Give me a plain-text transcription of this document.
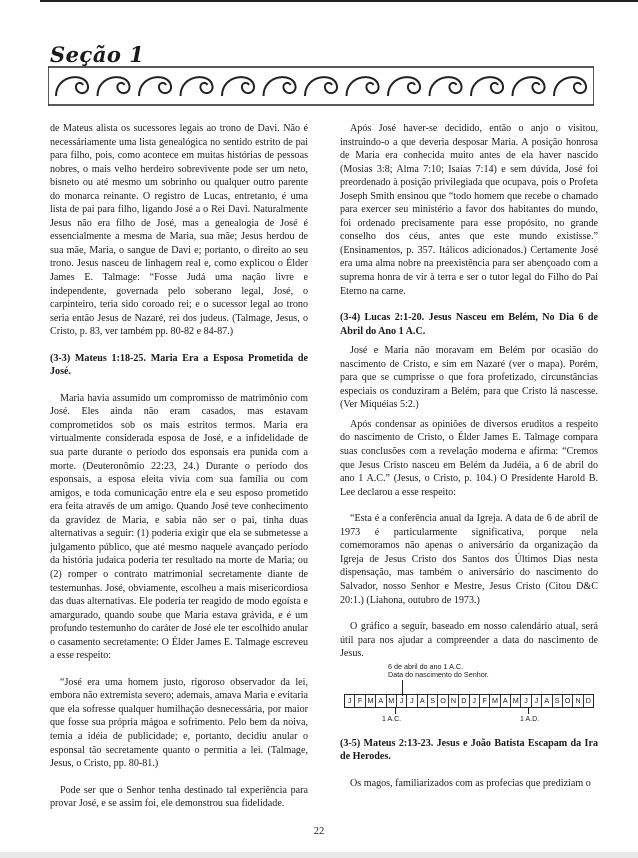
Seção 1

de Mateus alista os sucessores legais ao trono de Davi. Não é necessáriamente uma lista genealógica no sentido estrito de pai para filho, pois, como acontece em muitas histórias de pessoas nobres, o mais velho herdeiro sobrevivente pode ser um neto, bisneto ou até mesmo um sobrinho ou qualquer outro parente do monarca reinante. O registro de Lucas, entretanto, é uma lista de pai para filho, ligando José a o Rei Davi. Naturalmente Jesus não era filho de José, mas a genealogia de José é essencialmente a mesma de Maria, sua mãe; Jesus herdou de sua mãe, Maria, o sangue de Davi e; portanto, o direito ao seu trono. Jesus nasceu de linhagem real e, como explicou o Élder James E. Talmage: “Fosse Judá uma nação livre e independente, governada pelo soberano legal, José, o carpinteiro, teria sido coroado rei; e o sucessor legal ao trono seria então Jesus de Nazaré, rei dos judeus. (Talmage, Jesus, o Cristo, p. 83, ver também pp. 80-82 e 84-87.)

(3-3) Mateus 1:18-25. Maria Era a Esposa Prometida de José.

Maria havia assumido um compromisso de matrimônio com José. Eles ainda não eram casados, mas estavam comprometidos sob os mais estritos termos. Maria era virtualmente considerada esposa de José, e a infidelidade de sua parte durante o período dos esponsais era punida com a morte. (Deuteronômio 22:23, 24.) Durante o período dos esponsais, a esposa eleita vivia com sua família ou com amigos, e toda comunicação entre ela e seu esposo prometido era feita através de um amigo. Quando José teve conhecimento da gravidez de Maria, e sabia não ser o pai, tinha duas alternativas a seguir: (1) poderia exigir que ela se submetesse a julgamento público, que até mesmo naquele avançado período da história judaica poderia ter resultado na morte de Maria; ou (2) romper o contrato matrimonial secretamente diante de testemunhas. José, obviamente, escolheu a mais misericordiosa das duas alternativas. Ele poderia ter reagido de modo egoísta e amargurado, quando soube que Maria estava grávida, e é um profundo testemunho do caráter de José ele ter escolhido anular o casamento secretamente: O Élder James E. Talmage escreveu a esse respeito:

“José era uma homem justo, rigoroso observador da lei, embora não extremista severo; ademais, amava Maria e evitaria que ela sofresse qualquer humilhação desnecessária, por maior que fosse sua própria mágoa e sofrimento. Pelo bem da noiva, temia a idéia de publicidade; e, portanto, decidiu anular o esponsal tão secretamente quanto o permitia a lei. (Talmage, Jesus, o Cristo, pp. 80-81.)

Pode ser que o Senhor tenha destinado tal experiência para provar José, e se assim foi, ele demonstrou sua fidelidade.

Após José haver-se decidido, então o anjo o visitou, instruindo-o a que deveria desposar Maria. A posição honrosa de Maria era conhecida muito antes de ela haver nascido (Mosias 3:8; Alma 7:10; Isaías 7:14) e sem dúvida, José foi preordenado à posição privilegiada que ocupava, pois o Profeta Joseph Smith ensinou que “todo homem que recebe o chamado para exercer seu ministério a favor dos habitantes do mundo, foi ordenado precisamente para esse propósito, no grande conselho dos céus, antes que este mundo existisse.” (Ensinamentos, p. 357. Itálicos adicionados.) Certamente José era uma alma nobre na preexistência para ser abençoado com a suprema honra de vir à terra e ser o tutor legal do Filho do Pai Eterno na carne.

(3-4) Lucas 2:1-20. Jesus Nasceu em Belém, No Dia 6 de Abril do Ano 1 A.C.

José e Maria não moravam em Belém por ocasião do nascimento de Cristo, e sim em Nazaré (ver o mapa). Porém, para que se cumprisse o que fora profetizado, circunstâncias especiais os conduziram a Belém, para que Cristo lá nascesse. (Ver Miquéias 5:2.)

Após condensar as opiniões de diversos eruditos a respeito do nascimento de Cristo, o Élder James E. Talmage compara suas conclusões com a revelação moderna e afirma: “Cremos que Jesus Cristo nasceu em Belém da Judéia, a 6 de abril do ano 1 A.C.” (Jesus, o Cristo, p. 104.) O Presidente Harold B. Lee declarou a esse respeito:

“Esta é a conferência anual da Igreja. A data de 6 de abril de 1973 é particularmente significativa, porque nela comemoramos não apenas o aniversário da organização da Igreja de Jesus Cristo dos Santos dos Últimos Dias nesta dispensação, mas também o aniversário do nascimento do Salvador, nosso Senhor e Mestre, Jesus Cristo (Citou D&C 20:1.) (Liahona, outubro de 1973.)

O gráfico a seguir, baseado em nosso calendário atual, será útil para nos ajudar a compreender a data do nascimento de Jesus.

6 de abril do ano 1 A.C.
Data do nascimento do Senhor.
J F M A M J J A S O N D J F M A M J J A S O N D
1 A.C.	1 A.D.

(3-5) Mateus 2:13-23. Jesus e João Batista Escapam da Ira de Herodes.

Os magos, familiarizados com as profecias que prediziam o

22
